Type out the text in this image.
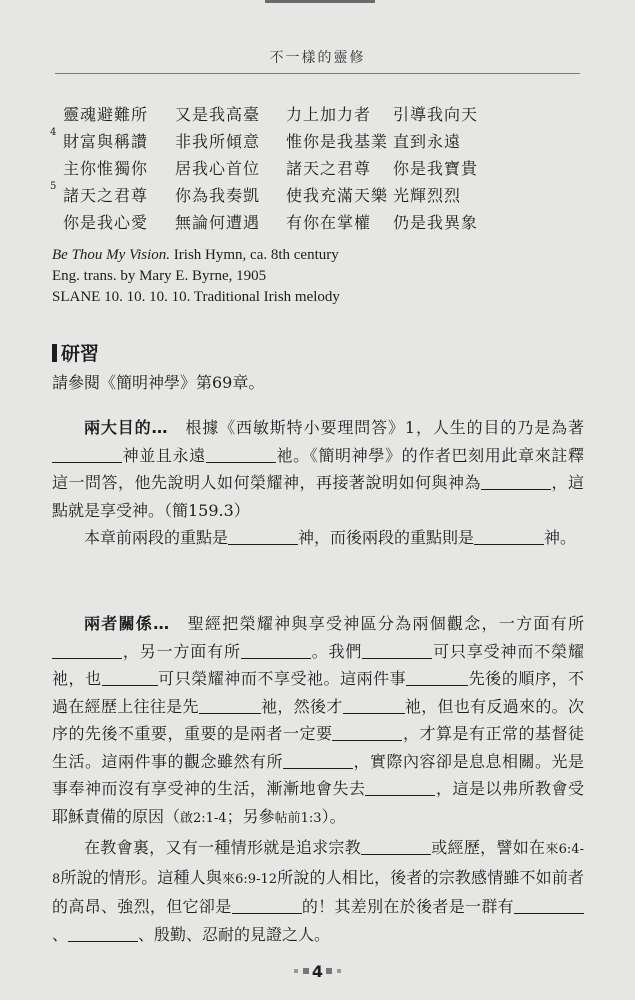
不一樣的靈修
靈魂避難所 又是我高臺 力上加力者 引導我向天
4 財富與稱讚 非我所傾意 惟你是我基業 直到永遠
主你惟獨你 居我心首位 諸天之君尊 你是我寶貴
5 諸天之君尊 你為我奏凱 使我充滿天樂 光輝烈烈
你是我心愛 無論何遭遇 有你在掌權 仍是我異象
Be Thou My Vision. Irish Hymn, ca. 8th century
Eng. trans. by Mary E. Byrne, 1905
SLANE 10. 10. 10. 10. Traditional Irish melody
研習
請參閱《簡明神學》第69章。
兩大目的…　根據《西敏斯特小要理問答》1，人生的目的乃是為著神並且永遠	祂。《簡明神學》的作者巴刻用此章來註釋這一問答，他先說明人如何榮耀神，再接著說明如何與神為	，這點就是享受神。（簡159.3）
本章前兩段的重點是	神，而後兩段的重點則是	神。
兩者關係…　聖經把榮耀神與享受神區分為兩個觀念，一方面有所，另一方面有所	。我們	可只享受神而不榮耀祂，也	可只榮耀神而不享受祂。這兩件事	先後的順序，不過在經歷上往往是先	祂，然後才	祂，但也有反過來的。次序的先後不重要，重要的是兩者一定要	，才算是有正常的基督徒生活。這兩件事的觀念雖然有所	，實際內容卻是息息相關。光是事奉神而沒有享受神的生活，漸漸地會失去	，這是以弗所教會受耶穌責備的原因（啟2:1-4；另參帖前1:3）。
在教會裏，又有一種情形就是追求宗教	或經歷，譬如在來6:4-8所說的情形。這種人與來6:9-12所說的人相比，後者的宗教感情雖不如前者的高昂、強烈，但它卻是	的！其差別在於後者是一群有、	、殷勤、忍耐的見證之人。
4
